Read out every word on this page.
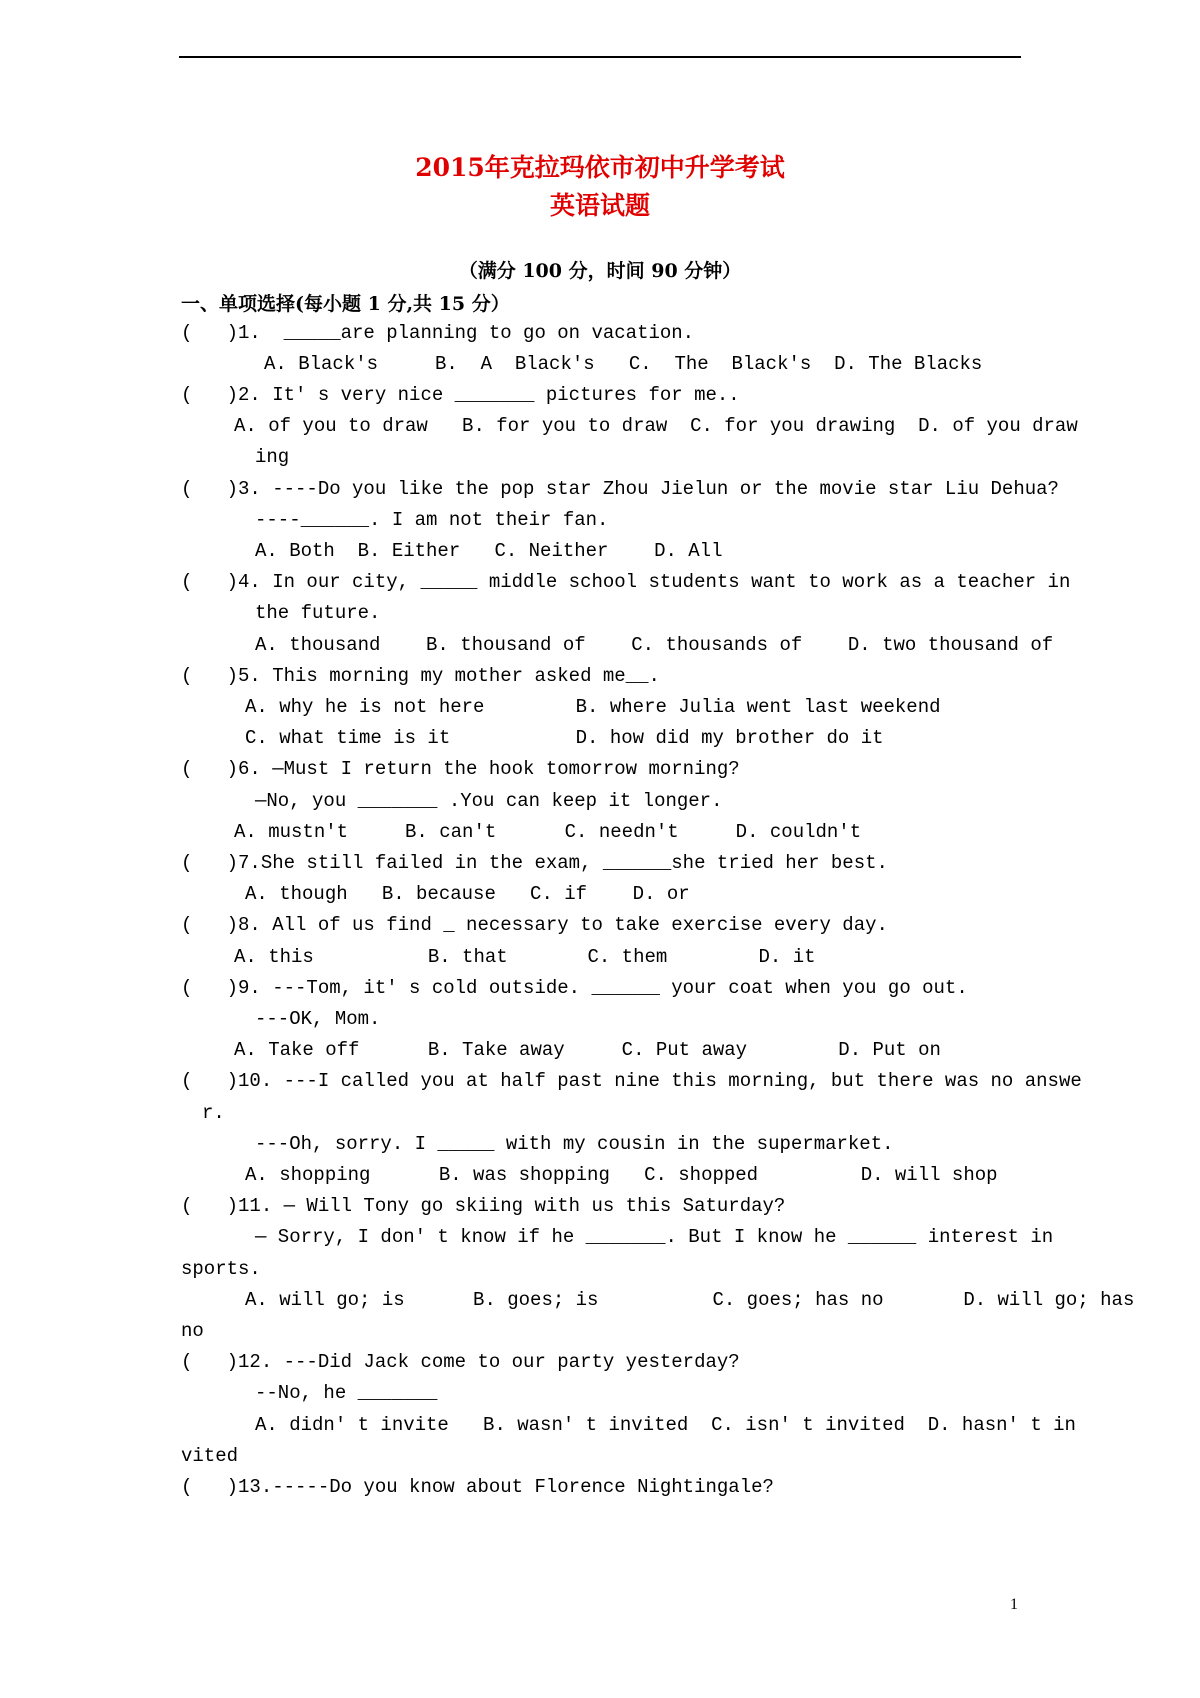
2015年克拉玛依市初中升学考试
英语试题
（满分 100 分，时间 90 分钟）
一、单项选择(每小题 1 分,共 15 分）
(   )1.  _____are planning to go on vacation.
A. Black's     B.  A  Black's   C.  The  Black's  D. The Blacks
(   )2. It' s very nice _______ pictures for me..
A. of you to draw   B. for you to draw  C. for you drawing  D. of you draw
ing
(   )3. ----Do you like the pop star Zhou Jielun or the movie star Liu Dehua?
----______. I am not their fan.
A. Both  B. Either   C. Neither    D. All
(   )4. In our city, _____ middle school students want to work as a teacher in
the future.
A. thousand    B. thousand of    C. thousands of    D. two thousand of
(   )5. This morning my mother asked me__.
A. why he is not here        B. where Julia went last weekend
C. what time is it           D. how did my brother do it
(   )6. —Must I return the hook tomorrow morning?
—No, you _______ .You can keep it longer.
A. mustn't     B. can't      C. needn't     D. couldn't
(   )7.She still failed in the exam, ______she tried her best.
A. though   B. because   C. if    D. or
(   )8. All of us find _ necessary to take exercise every day.
A. this          B. that       C. them        D. it
(   )9. ---Tom, it' s cold outside. ______ your coat when you go out.
---OK, Mom.
A. Take off      B. Take away     C. Put away        D. Put on
(   )10. ---I called you at half past nine this morning, but there was no answe
r.
---Oh, sorry. I _____ with my cousin in the supermarket.
A. shopping      B. was shopping   C. shopped         D. will shop
(   )11. — Will Tony go skiing with us this Saturday?
— Sorry, I don' t know if he _______. But I know he ______ interest in
sports.
A. will go; is      B. goes; is          C. goes; has no       D. will go; has
no
(   )12. ---Did Jack come to our party yesterday?
--No, he _______
A. didn' t invite   B. wasn' t invited  C. isn' t invited  D. hasn' t in
vited
(   )13.-----Do you know about Florence Nightingale?
1
